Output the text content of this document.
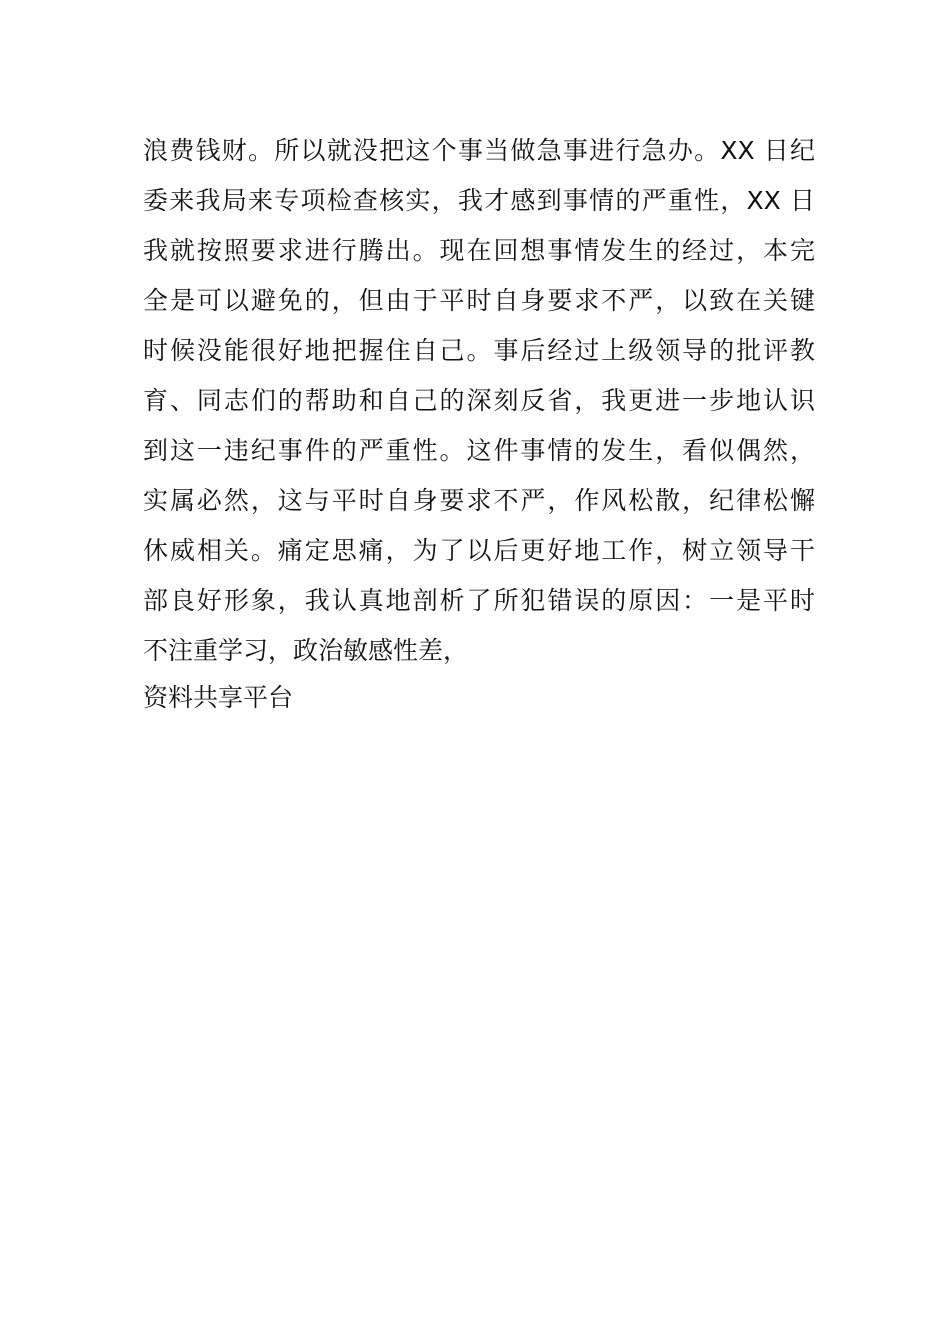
浪费钱财。所以就没把这个事当做急事进行急办。XX 日纪
委来我局来专项检查核实，我才感到事情的严重性，XX 日
我就按照要求进行腾出。现在回想事情发生的经过，本完
全是可以避免的，但由于平时自身要求不严，以致在关键
时候没能很好地把握住自己。事后经过上级领导的批评教
育、同志们的帮助和自己的深刻反省，我更进一步地认识
到这一违纪事件的严重性。这件事情的发生，看似偶然，
实属必然，这与平时自身要求不严，作风松散，纪律松懈
休威相关。痛定思痛，为了以后更好地工作，树立领导干
部良好形象，我认真地剖析了所犯错误的原因：一是平时
不注重学习，政治敏感性差，
资料共享平台
